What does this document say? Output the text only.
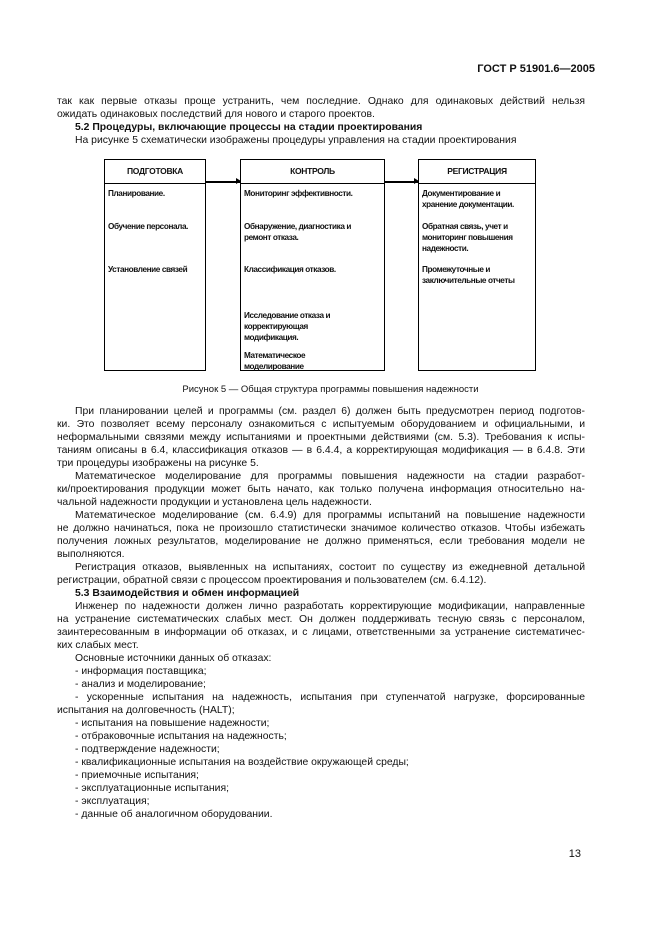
ГОСТ Р 51901.6—2005
так как первые отказы проще устранить, чем последние. Однако для одинаковых действий нельзя
ожидать одинаковых последствий для нового и старого проектов.
5.2 Процедуры, включающие процессы на стадии проектирования
На рисунке 5 схематически изображены процедуры управления на стадии проектирования
ПОДГОТОВКА
Планирование.
Обучение персонала.
Установление связей
КОНТРОЛЬ
Мониторинг эффективности.
Обнаружение, диагностика и ремонт отказа.
Классификация отказов.
Исследование отказа и корректирующая модификация.
Математическое моделирование
РЕГИСТРАЦИЯ
Документирование и хранение документации.
Обратная связь, учет и мониторинг повышения надежности.
Промежуточные и заключительные отчеты
Рисунок 5 — Общая структура программы повышения надежности
При планировании целей и программы (см. раздел 6) должен быть предусмотрен период подготов-
ки. Это позволяет всему персоналу ознакомиться с испытуемым оборудованием и официальными, и
неформальными связями между испытаниями и проектными действиями (см. 5.3). Требования к испы-
таниям описаны в 6.4, классификация отказов — в 6.4.4, а корректирующая модификация — в 6.4.8. Эти
три процедуры изображены на рисунке 5.
Математическое моделирование для программы повышения надежности на стадии разработ-
ки/проектирования продукции может быть начато, как только получена информация относительно на-
чальной надежности продукции и установлена цель надежности.
Математическое моделирование (см. 6.4.9) для программы испытаний на повышение надежности
не должно начинаться, пока не произошло статистически значимое количество отказов. Чтобы избежать
получения ложных результатов, моделирование не должно применяться, если требования модели не
выполняются.
Регистрация отказов, выявленных на испытаниях, состоит по существу из ежедневной детальной
регистрации, обратной связи с процессом проектирования и пользователем (см. 6.4.12).
5.3 Взаимодействия и обмен информацией
Инженер по надежности должен лично разработать корректирующие модификации, направленные
на устранение систематических слабых мест. Он должен поддерживать тесную связь с персоналом,
заинтересованным в информации об отказах, и с лицами, ответственными за устранение систематичес-
ких слабых мест.
Основные источники данных об отказах:
- информация поставщика;
- анализ и моделирование;
- ускоренные испытания на надежность, испытания при ступенчатой нагрузке, форсированные
испытания на долговечность (HALT);
- испытания на повышение надежности;
- отбраковочные испытания на надежность;
- подтверждение надежности;
- квалификационные испытания на воздействие окружающей среды;
- приемочные испытания;
- эксплуатационные испытания;
- эксплуатация;
- данные об аналогичном оборудовании.
13
